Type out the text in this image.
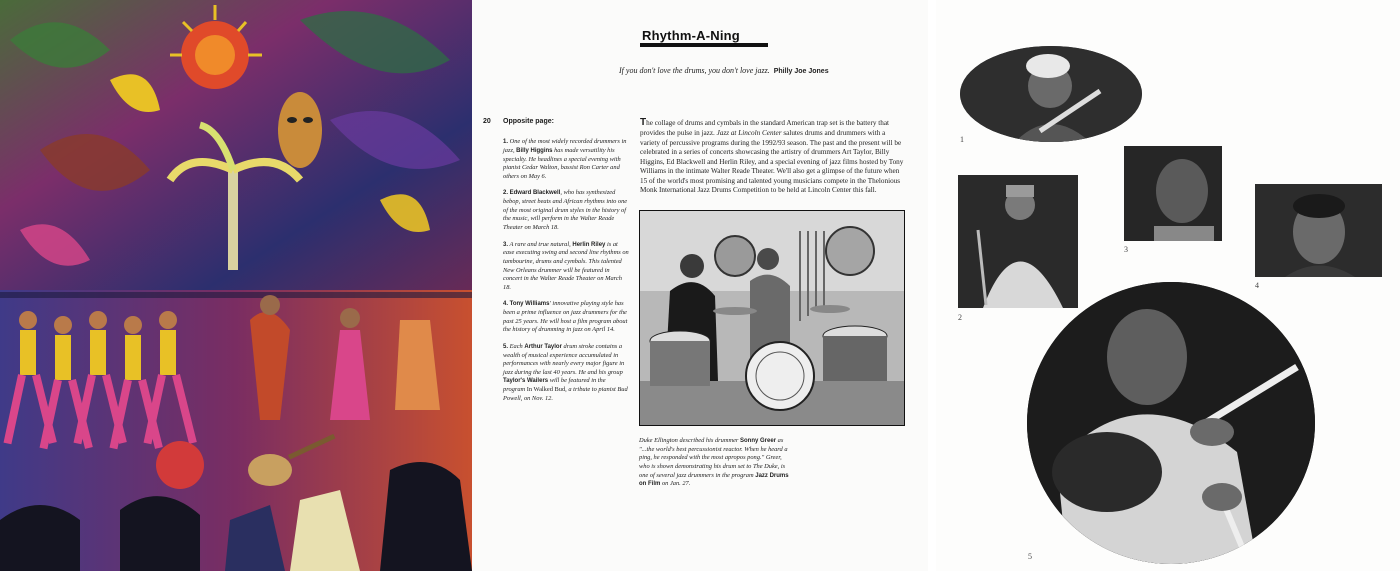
Rhythm-A-Ning
If you don't love the drums, you don't love jazz. Philly Joe Jones
20 Opposite page:

1. One of the most widely recorded drummers in jazz, Billy Higgins has made versatility his specialty. He headlines a special evening with pianist Cedar Walton, bassist Ron Carter and others on May 6.

2. Edward Blackwell, who has synthesized bebop, street beats and African rhythms into one of the most original drum styles in the history of the music, will perform in the Walter Reade Theater on March 18.

3. A rare and true natural, Herlin Riley is at ease executing swing and second line rhythms on tambourine, drums and cymbals. This talented New Orleans drummer will be featured in concert in the Walter Reade Theater on March 18.

4. Tony Williams' innovative playing style has been a prime influence on jazz drummers for the past 25 years. He will host a film program about the history of drumming in jazz on April 14.

5. Each Arthur Taylor drum stroke contains a wealth of musical experience accumulated in performances with nearly every major figure in jazz during the last 40 years. He and his group Taylor's Wailers will be featured in the program In Walked Bud, a tribute to pianist Bud Powell, on Nov. 12.

The collage of drums and cymbals in the standard American trap set is the battery that provides the pulse in jazz. Jazz at Lincoln Center salutes drums and drummers with a variety of percussive programs during the 1992/93 season. The past and the present will be celebrated in a series of concerts showcasing the artistry of drummers Art Taylor, Billy Higgins, Ed Blackwell and Herlin Riley, and a special evening of jazz films hosted by Tony Williams in the intimate Walter Reade Theater. We'll also get a glimpse of the future when 15 of the world's most promising and talented young musicians compete in the Thelonious Monk International Jazz Drums Competition to be held at Lincoln Center this fall.
Duke Ellington described his drummer Sonny Greer as "...the world's best percussionist reactor. When he heard a ping, he responded with the most apropos pong." Greer, who is shown demonstrating his drum set to The Duke, is one of several jazz drummers in the program Jazz Drums on Film on Jan. 27.
1
2
3
4
5
